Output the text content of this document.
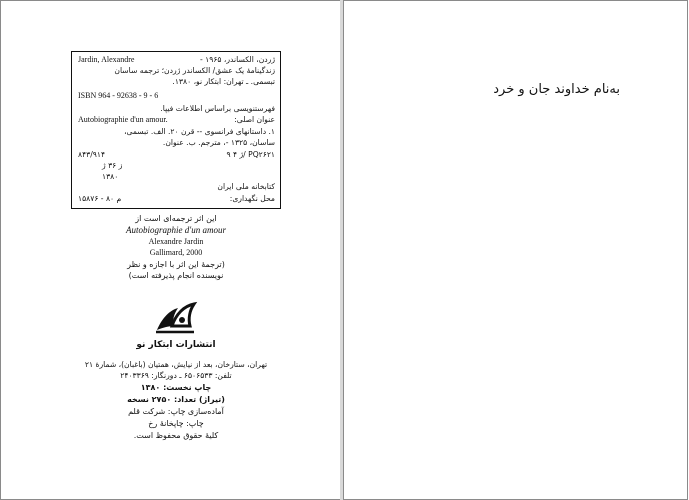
Jardin, Alexandre	ژردن، الکساندر، ۱۹۶۵ -
زندگینامهٔ یک عشق/ الکساندر ژردن؛ ترجمه ساسان
تبسمی. ـ تهران: ابتکار نو، ۱۳۸۰.
ISBN 964 - 92638 - 9 - 6
فهرستنویسی براساس اطلاعات فیپا.
Autobiographie d'un amour.	عنوان اصلی:
۱. داستانهای فرانسوی -- قرن ۲۰. الف. تبسمی،
ساسان، ۱۳۲۵ -، مترجم. ب. عنوان.
۸۴۳/۹۱۴	۹ ژ ۴/ PQ۲۶۲۱
ز ۳۶ ژ
۱۳۸۰
کتابخانه ملی ایران
۱۵۸۷۶ - ۸۰ م	محل نگهداری:
این اثر ترجمه‌ای است از
Autobiographie d'un amour
Alexandre Jardin
Gallimard, 2000
(ترجمهٔ این اثر با اجازه و نظر
نویسنده انجام پذیرفته است)
انتشارات ابتکار نو
تهران، ستارخان، بعد از نیایش، همتیان (باغبان)، شمارهٔ ۲۱
تلفن: ۶۵۰۶۵۳۳ ـ دورنگار: ۲۴۰۳۳۶۹
چاپ نخست: ۱۳۸۰
(تیراژ) تعداد: ۲۷۵۰ نسخه
آماده‌سازی چاپ: شرکت قلم
چاپ: چاپخانهٔ رخ
کلیهٔ حقوق محفوظ است.
به‌نام خداوند جان و خرد
